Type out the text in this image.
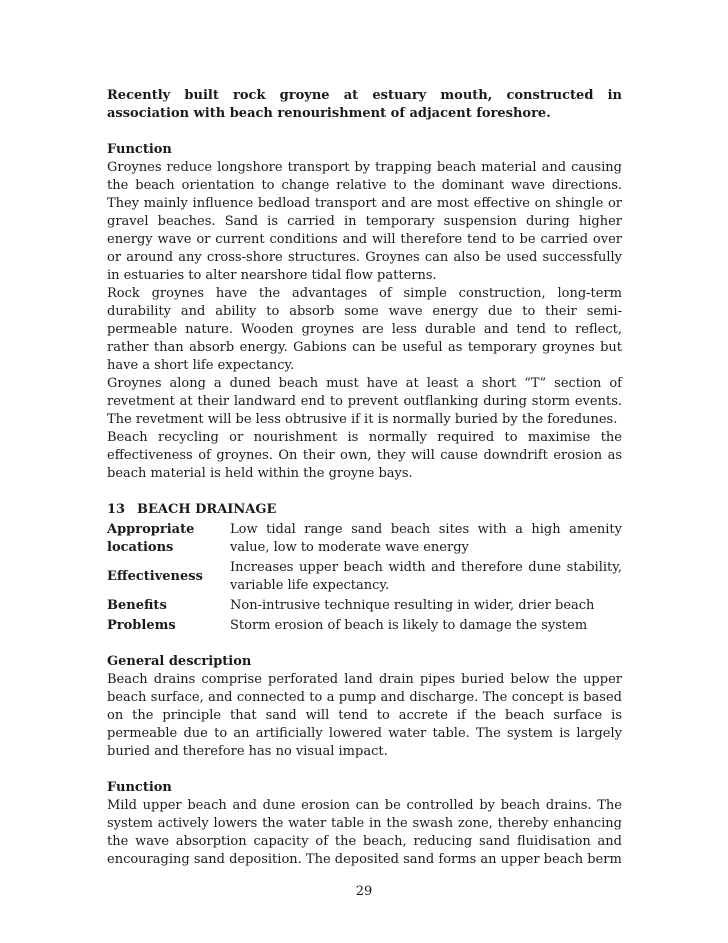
Recently built rock groyne at estuary mouth, constructed in association with beach renourishment of adjacent foreshore.

Function

Groynes reduce longshore transport by trapping beach material and causing the beach orientation to change relative to the dominant wave directions. They mainly influence bedload transport and are most effective on shingle or gravel beaches. Sand is carried in temporary suspension during higher energy wave or current conditions and will therefore tend to be carried over or around any cross-shore structures. Groynes can also be used successfully in estuaries to alter nearshore tidal flow patterns.

Rock groynes have the advantages of simple construction, long-term durability and ability to absorb some wave energy due to their semi-permeable nature. Wooden groynes are less durable and tend to reflect, rather than absorb energy. Gabions can be useful as temporary groynes but have a short life expectancy.

Groynes along a duned beach must have at least a short “T” section of revetment at their landward end to prevent outflanking during storm events. The revetment will be less obtrusive if it is normally buried by the foredunes.

Beach recycling or nourishment is normally required to maximise the effectiveness of groynes. On their own, they will cause downdrift erosion as beach material is held within the groyne bays.

13 BEACH DRAINAGE
Appropriate locations	Low tidal range sand beach sites with a high amenity value, low to moderate wave energy
Effectiveness	Increases upper beach width and therefore dune stability, variable life expectancy.
Benefits	Non-intrusive technique resulting in wider, drier beach
Problems	Storm erosion of beach is likely to damage the system

General description

Beach drains comprise perforated land drain pipes buried below the upper beach surface, and connected to a pump and discharge. The concept is based on the principle that sand will tend to accrete if the beach surface is permeable due to an artificially lowered water table. The system is largely buried and therefore has no visual impact.

Function

Mild upper beach and dune erosion can be controlled by beach drains. The system actively lowers the water table in the swash zone, thereby enhancing the wave absorption capacity of the beach, reducing sand fluidisation and encouraging sand deposition. The deposited sand forms an upper beach berm

29
